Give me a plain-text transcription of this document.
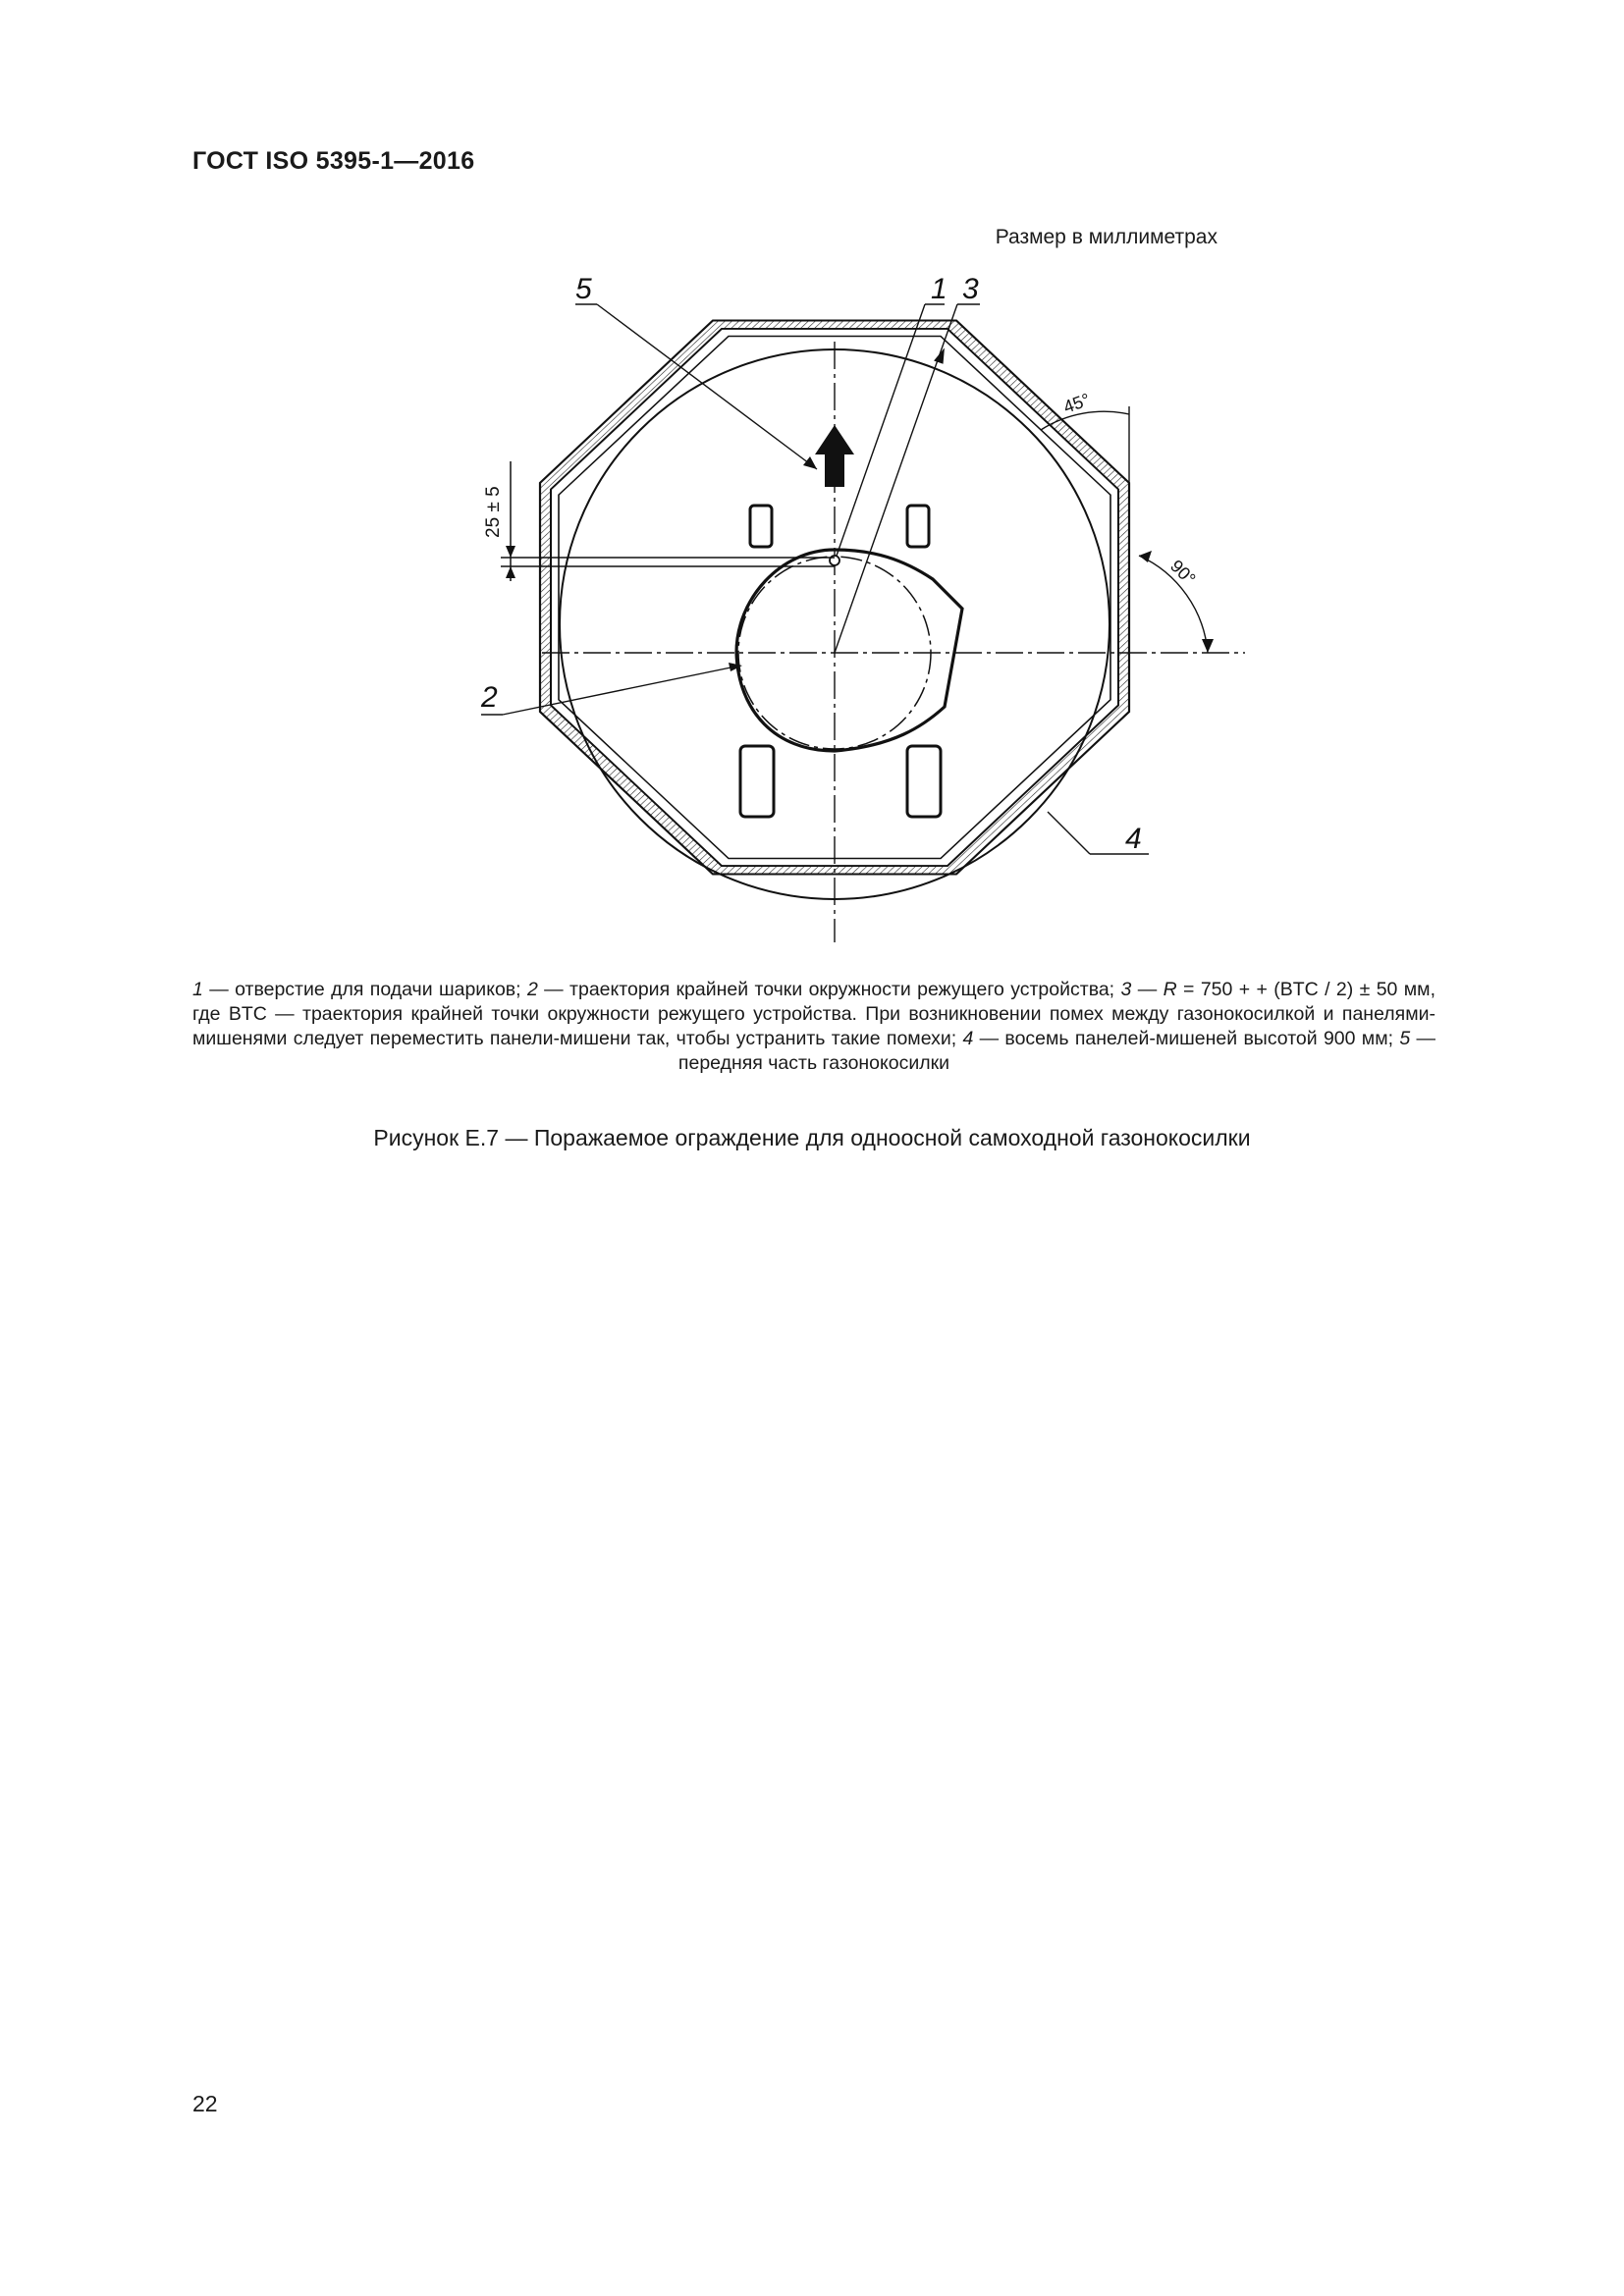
ГОСТ ISO 5395-1—2016
Размер в миллиметрах
25 ± 5
5	1 3
2
4
45°
90°
1 — отверстие для подачи шариков; 2 — траектория крайней точки окружности режущего устройства; 3 — R = 750 + + (BTC / 2) ± 50 мм, где BTC — траектория крайней точки окружности режущего устройства. При возникновении помех между газонокосилкой и панелями-мишенями следует переместить панели-мишени так, чтобы устранить такие помехи; 4 — восемь панелей-мишеней высотой 900 мм; 5 — передняя часть газонокосилки
Рисунок Е.7 — Поражаемое ограждение для одноосной самоходной газонокосилки
22
